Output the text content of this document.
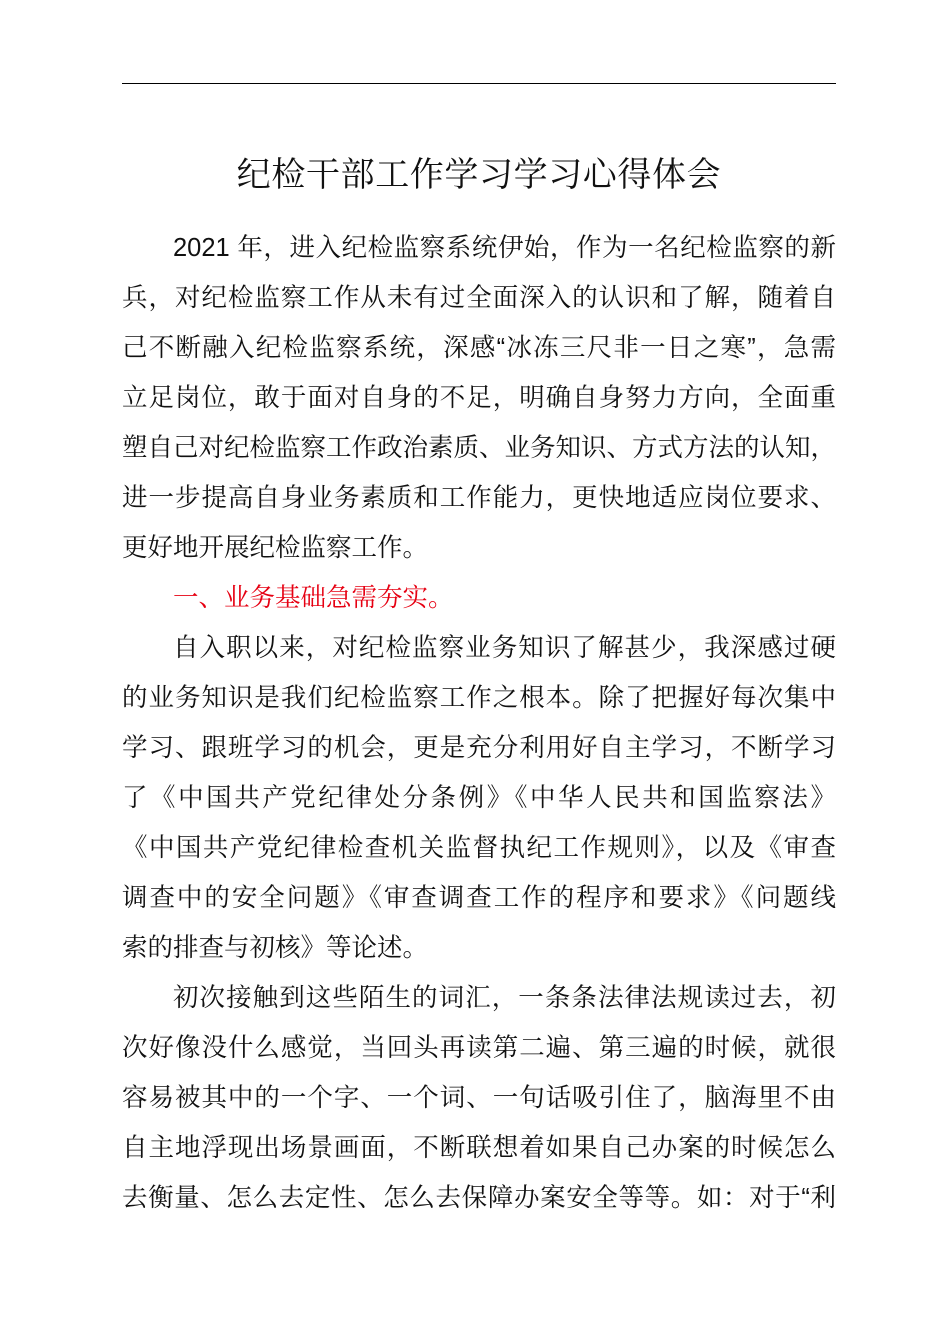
纪检干部工作学习学习心得体会
2021 年，进入纪检监察系统伊始，作为一名纪检监察的新
兵，对纪检监察工作从未有过全面深入的认识和了解，随着自
己不断融入纪检监察系统，深感“冰冻三尺非一日之寒”，急需
立足岗位，敢于面对自身的不足，明确自身努力方向，全面重
塑自己对纪检监察工作政治素质、业务知识、方式方法的认知，
进一步提高自身业务素质和工作能力，更快地适应岗位要求、
更好地开展纪检监察工作。
一、业务基础急需夯实。
自入职以来，对纪检监察业务知识了解甚少，我深感过硬
的业务知识是我们纪检监察工作之根本。除了把握好每次集中
学习、跟班学习的机会，更是充分利用好自主学习，不断学习
了《中国共产党纪律处分条例》《中华人民共和国监察法》
《中国共产党纪律检查机关监督执纪工作规则》，以及《审查
调查中的安全问题》《审查调查工作的程序和要求》《问题线
索的排查与初核》等论述。
初次接触到这些陌生的词汇，一条条法律法规读过去，初
次好像没什么感觉，当回头再读第二遍、第三遍的时候，就很
容易被其中的一个字、一个词、一句话吸引住了，脑海里不由
自主地浮现出场景画面，不断联想着如果自己办案的时候怎么
去衡量、怎么去定性、怎么去保障办案安全等等。如：对于“利
